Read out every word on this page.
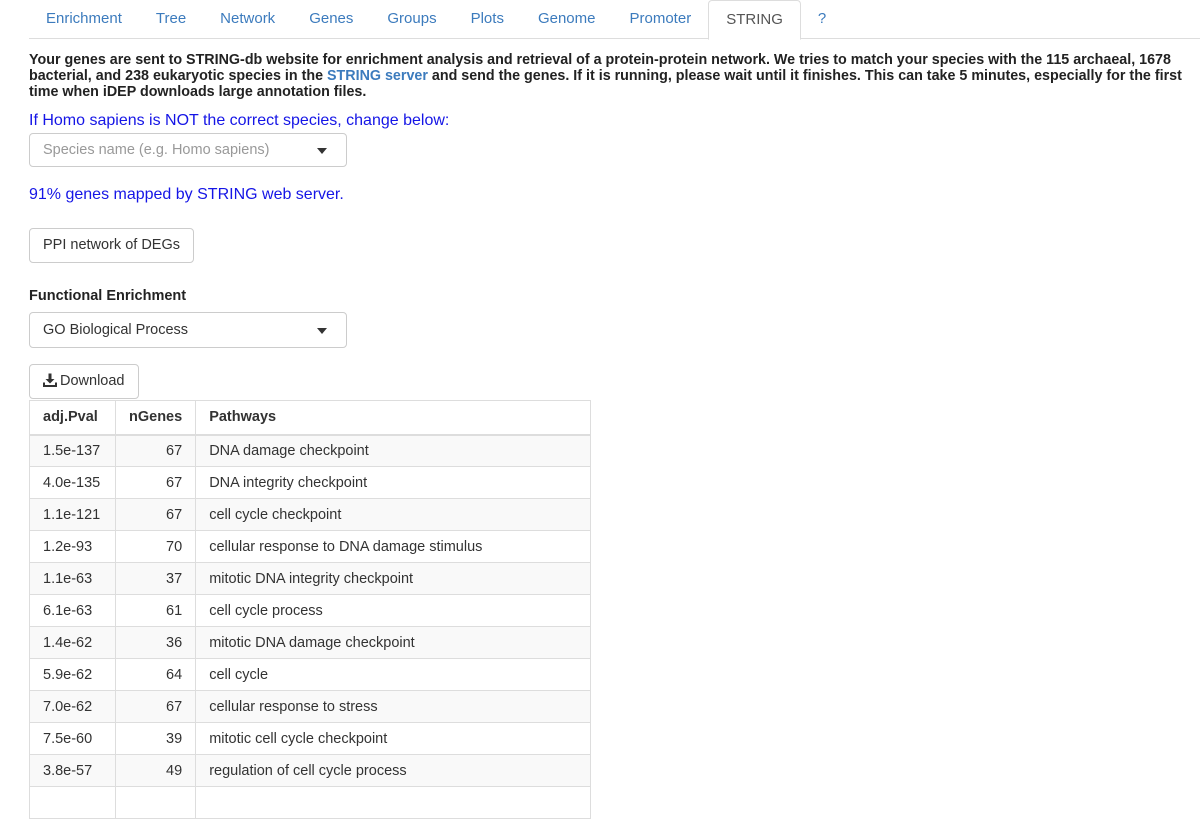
Enrichment	Tree	Network	Genes	Groups	Plots	Genome	Promoter	STRING	?
Your genes are sent to STRING-db website for enrichment analysis and retrieval of a protein-protein network. We tries to match your species with the 115 archaeal, 1678 bacterial, and 238 eukaryotic species in the STRING server and send the genes. If it is running, please wait until it finishes. This can take 5 minutes, especially for the first time when iDEP downloads large annotation files.
If Homo sapiens is NOT the correct species, change below:
Species name (e.g. Homo sapiens)
91% genes mapped by STRING web server.
PPI network of DEGs
Functional Enrichment
GO Biological Process
Download
adj.Pval	nGenes	Pathways
1.5e-137	67	DNA damage checkpoint
4.0e-135	67	DNA integrity checkpoint
1.1e-121	67	cell cycle checkpoint
1.2e-93	70	cellular response to DNA damage stimulus
1.1e-63	37	mitotic DNA integrity checkpoint
6.1e-63	61	cell cycle process
1.4e-62	36	mitotic DNA damage checkpoint
5.9e-62	64	cell cycle
7.0e-62	67	cellular response to stress
7.5e-60	39	mitotic cell cycle checkpoint
3.8e-57	49	regulation of cell cycle process
